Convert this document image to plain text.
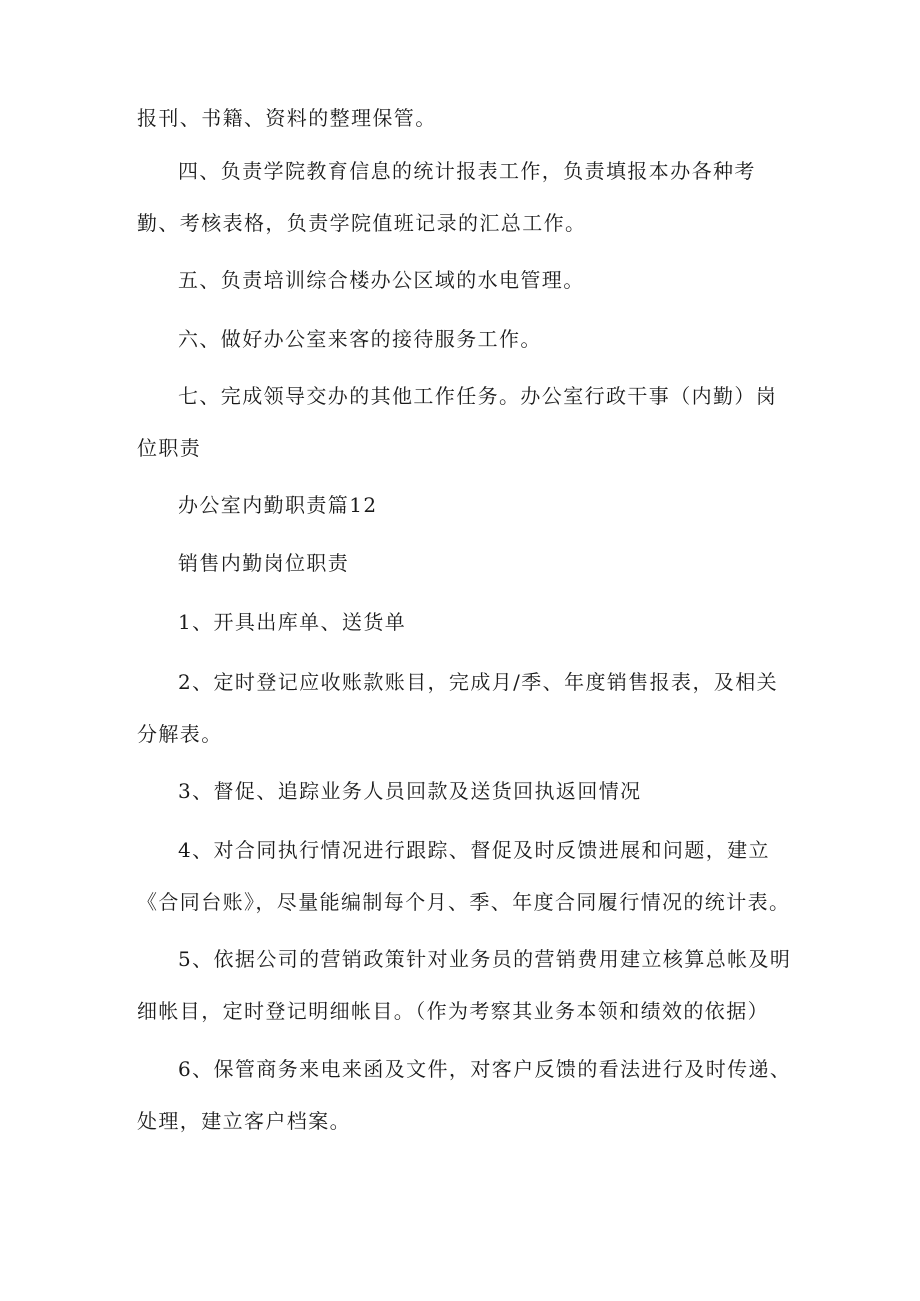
报刊、书籍、资料的整理保管。

四、负责学院教育信息的统计报表工作，负责填报本办各种考勤、考核表格，负责学院值班记录的汇总工作。

五、负责培训综合楼办公区域的水电管理。

六、做好办公室来客的接待服务工作。

七、完成领导交办的其他工作任务。办公室行政干事（内勤）岗位职责

办公室内勤职责篇12

销售内勤岗位职责

1、开具出库单、送货单

2、定时登记应收账款账目，完成月/季、年度销售报表，及相关分解表。

3、督促、追踪业务人员回款及送货回执返回情况

4、对合同执行情况进行跟踪、督促及时反馈进展和问题，建立《合同台账》，尽量能编制每个月、季、年度合同履行情况的统计表。

5、依据公司的营销政策针对业务员的营销费用建立核算总帐及明细帐目，定时登记明细帐目。（作为考察其业务本领和绩效的依据）

6、保管商务来电来函及文件，对客户反馈的看法进行及时传递、处理，建立客户档案。
